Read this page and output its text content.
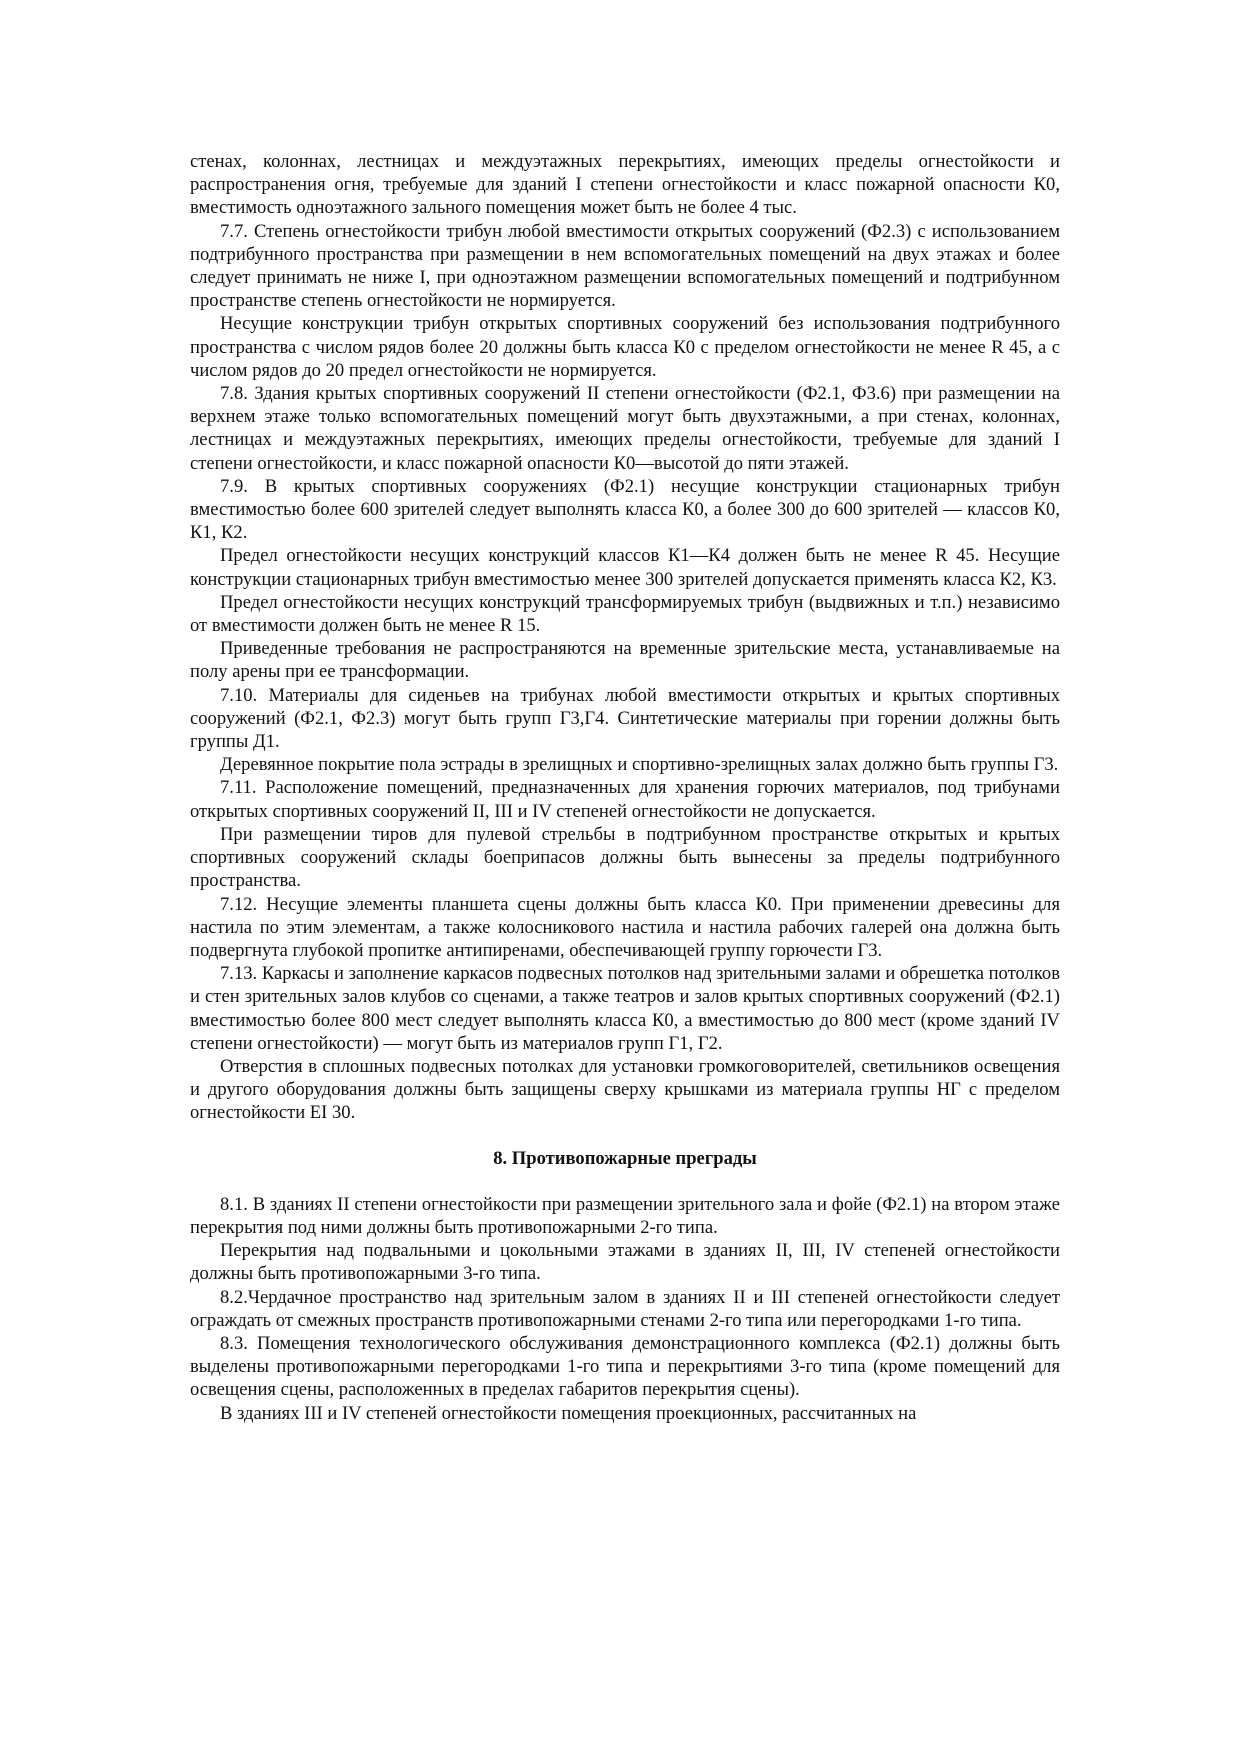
стенах, колоннах, лестницах и междуэтажных перекрытиях, имеющих пределы огнестойкости и распространения огня, требуемые для зданий I степени огнестойкости и класс пожарной опасности К0, вместимость одноэтажного зального помещения может быть не более 4 тыс.

7.7. Степень огнестойкости трибун любой вместимости открытых сооружений (Ф2.3) с использованием подтрибунного пространства при размещении в нем вспомогательных помещений на двух этажах и более следует принимать не ниже I, при одноэтажном размещении вспомогательных помещений и подтрибунном пространстве степень огнестойкости не нормируется.

Несущие конструкции трибун открытых спортивных сооружений без использования подтрибунного пространства с числом рядов более 20 должны быть класса К0 с пределом огнестойкости не менее R 45, а с числом рядов до 20 предел огнестойкости не нормируется.

7.8. Здания крытых спортивных сооружений II степени огнестойкости (Ф2.1, Ф3.6) при размещении на верхнем этаже только вспомогательных помещений могут быть двухэтажными, а при стенах, колоннах, лестницах и междуэтажных перекрытиях, имеющих пределы огнестойкости, требуемые для зданий I степени огнестойкости, и класс пожарной опасности К0—высотой до пяти этажей.

7.9. В крытых спортивных сооружениях (Ф2.1) несущие конструкции стационарных трибун вместимостью более 600 зрителей следует выполнять класса К0, а более 300 до 600 зрителей — классов К0, К1, К2.

Предел огнестойкости несущих конструкций классов К1—К4 должен быть не менее R 45. Несущие конструкции стационарных трибун вместимостью менее 300 зрителей допускается применять класса К2, К3.

Предел огнестойкости несущих конструкций трансформируемых трибун (выдвижных и т.п.) независимо от вместимости должен быть не менее R 15.

Приведенные требования не распространяются на временные зрительские места, устанавливаемые на полу арены при ее трансформации.

7.10. Материалы для сиденьев на трибунах любой вместимости открытых и крытых спортивных сооружений (Ф2.1, Ф2.3) могут быть групп Г3,Г4. Синтетические материалы при горении должны быть группы Д1.

Деревянное покрытие пола эстрады в зрелищных и спортивно-зрелищных залах должно быть группы Г3.

7.11. Расположение помещений, предназначенных для хранения горючих материалов, под трибунами открытых спортивных сооружений II, III и IV степеней огнестойкости не допускается.

При размещении тиров для пулевой стрельбы в подтрибунном пространстве открытых и крытых спортивных сооружений склады боеприпасов должны быть вынесены за пределы подтрибунного пространства.

7.12. Несущие элементы планшета сцены должны быть класса К0. При применении древесины для настила по этим элементам, а также колосникового настила и настила рабочих галерей она должна быть подвергнута глубокой пропитке антипиренами, обеспечивающей группу горючести Г3.

7.13. Каркасы и заполнение каркасов подвесных потолков над зрительными залами и обрешетка потолков и стен зрительных залов клубов со сценами, а также театров и залов крытых спортивных сооружений (Ф2.1) вместимостью более 800 мест следует выполнять класса К0, а вместимостью до 800 мест (кроме зданий IV степени огнестойкости) — могут быть из материалов групп Г1, Г2.

Отверстия в сплошных подвесных потолках для установки громкоговорителей, светильников освещения и другого оборудования должны быть защищены сверху крышками из материала группы НГ с пределом огнестойкости EI 30.

8. Противопожарные преграды

8.1. В зданиях II степени огнестойкости при размещении зрительного зала и фойе (Ф2.1) на втором этаже перекрытия под ними должны быть противопожарными 2-го типа.

Перекрытия над подвальными и цокольными этажами в зданиях II, III, IV степеней огнестойкости должны быть противопожарными 3-го типа.

8.2.Чердачное пространство над зрительным залом в зданиях II и III степеней огнестойкости следует ограждать от смежных пространств противопожарными стенами 2-го типа или перегородками 1-го типа.

8.3. Помещения технологического обслуживания демонстрационного комплекса (Ф2.1) должны быть выделены противопожарными перегородками 1-го типа и перекрытиями 3-го типа (кроме помещений для освещения сцены, расположенных в пределах габаритов перекрытия сцены).

В зданиях III и IV степеней огнестойкости помещения проекционных, рассчитанных на
